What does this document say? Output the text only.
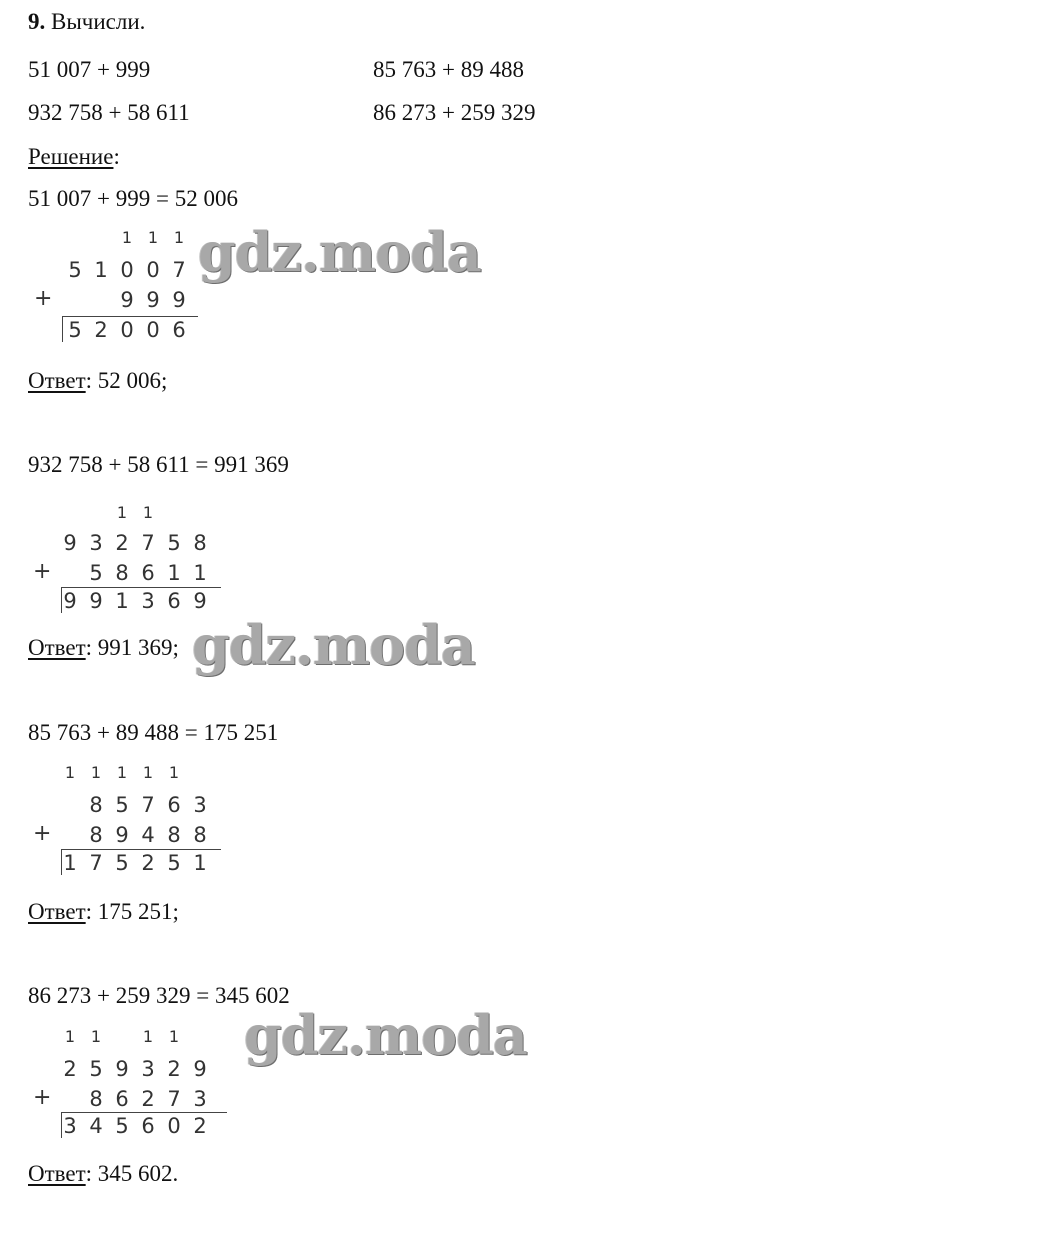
9. Вычисли.
51 007 + 999	85 763 + 89 488
932 758 + 58 611	86 273 + 259 329
Решение:
51 007 + 999 = 52 006
1 1 1
5 1 0 0 7
+	9 9 9
5 2 0 0 6
Ответ: 52 006;
932 758 + 58 611 = 991 369
1 1
9 3 2 7 5 8
+	5 8 6 1 1
9 9 1 3 6 9
Ответ: 991 369;
85 763 + 89 488 = 175 251
1 1 1 1 1
8 5 7 6 3
+	8 9 4 8 8
1 7 5 2 5 1
Ответ: 175 251;
86 273 + 259 329 = 345 602
1 1	1 1
2 5 9 3 2 9
+	8 6 2 7 3
3 4 5 6 0 2
Ответ: 345 602.
gdz.moda
gdz.moda
gdz.moda
